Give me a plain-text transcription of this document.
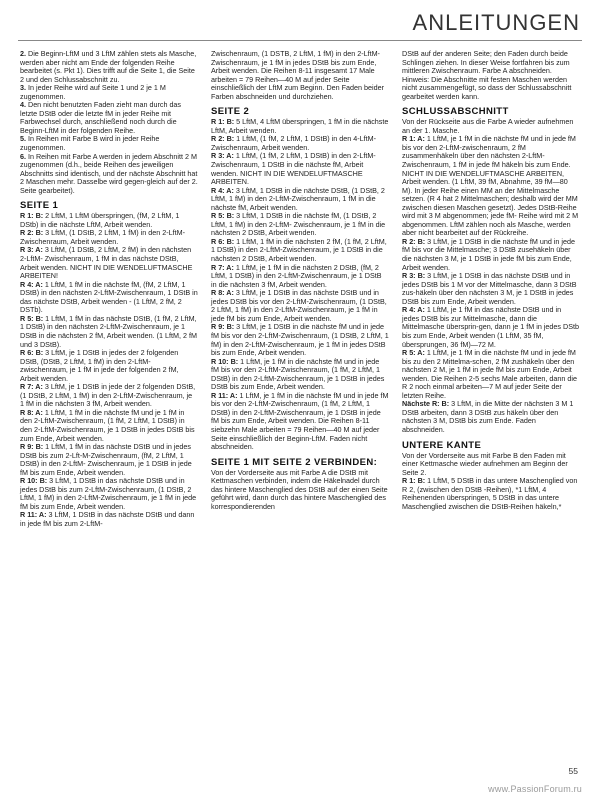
ANLEITUNGEN

2. Die Beginn-LftM und 3 LftM zählen stets als Masche, werden aber nicht am Ende der folgenden Reihe bearbeitet (s. Pkt 1). Dies trifft auf die Seite 1, die Seite 2 und den Schlussabschnitt zu.

3. In jeder Reihe wird auf Seite 1 und 2 je 1 M zugenommen.

4. Den nicht benutzten Faden zieht man durch das letzte DStB oder die letzte fM in jeder Reihe mit Farbwechsel durch, anschließend noch durch die Beginn-LftM in der folgenden Reihe.

5. In Reihen mit Farbe B wird in jeder Reihe zugenommen.

6. In Reihen mit Farbe A werden in jedem Abschnitt 2 M zugenommen (d.h., beide Reihen des jeweiligen Abschnitts sind identisch, und der nächste Abschnitt hat 2 Maschen mehr. Dasselbe wird gegen-gleich auf der 2. Seite gearbeitet).

SEITE 1

R 1: B: 2 LftM, 1 LftM überspringen, (fM, 2 LftM, 1 DStb) in die nächste LftM, Arbeit wenden.

R 2: B: 3 LftM, (1 DStB, 2 LftM, 1 fM) in den 2-LftM- Zwischenraum, Arbeit wenden.

R 3: A: 3 LftM, (1 DStB, 2 LftM, 2 fM) in den nächsten 2-LftM- Zwischenraum, 1 fM in das nächste DStB, Arbeit wenden. NICHT IN DIE WENDELUFTMASCHE ARBEITEN!

R 4: A: 1 LftM, 1 fM in die nächste fM, (fM, 2 LftM, 1 DStB) in den nächsten 2-LftM-Zwischenraum, 1 DStB in das nächste DStB, Arbeit wenden - (1 LftM, 2 fM, 2 DSTb).

R 5: B: 1 LftM, 1 fM in das nächste DStB, (1 fM, 2 LftM, 1 DStB) in den nächsten 2-LftM-Zwischenraum, je 1 DStB in die nächsten 2 fM, Arbeit wenden. (1 LftM, 2 fM und 3 DStB).

R 6: B: 3 LftM, je 1 DStB in jedes der 2 folgenden DStB, (DStB, 2 LftM, 1 fM) in den 2-LftM-zwischenraum, je 1 fM in jede der folgenden 2 fM, Arbeit wenden.

R 7: A: 3 LftM, je 1 DStB in jede der 2 folgenden DStB, (1 DStB, 2 LftM, 1 fM) in den 2-LftM-Zwischenraum, je 1 fM in die nächsten 3 fM, Arbeit wenden.

R 8: A: 1 LftM, 1 fM in die nächste fM und je 1 fM in den 2-LftM-Zwischenraum, (1 fM, 2 LftM, 1 DStB) in den 2-LftM-Zwischenraum, je 1 DStB in jedes DStB bis zum Ende, Arbeit wenden.

R 9: B: 1 LftM, 1 fM in das nächste DStB und in jedes DStB bis zum 2-Lft-M-Zwischenraum, (fM, 2 LftM, 1 DStB) in den 2-LftM- Zwischenraum, je 1 DStB in jede fM bis zum Ende, Arbeit wenden.

R 10: B: 3 LftM, 1 DStB in das nächste DStB und in jedes DStB bis zum 2-LftM-Zwischenraum, (1 DStB, 2 LftM, 1 fM) in den 2-LftM-Zwischenraum, je 1 fM in jede fM bis zum Ende, Arbeit wenden.

R 11: A: 3 LftM, 1 DStB in das nächste DStB und dann in jede fM bis zum 2-LftM-

Zwischenraum, (1 DSTB, 2 LftM, 1 fM) in den 2-LftM-Zwischenraum, je 1 fM in jedes DStB bis zum Ende, Arbeit wenden. Die Reihen 8-11 insgesamt 17 Male arbeiten = 79 Reihen—40 M auf jeder Seite einschließlich der LftM zum Beginn. Den Faden beider Farben abschneiden und durchziehen.

SEITE 2

R 1: B: 5 LftM, 4 LftM überspringen, 1 fM in die nächste LftM, Arbeit wenden.

R 2: B: 1 LftM, (1 fM, 2 LftM, 1 DStB) in den 4-LftM-Zwischenraum, Arbeit wenden.

R 3: A: 1 LftM, (1 fM, 2 LftM, 1 DStB) in den 2-LftM-Zwischenraum, 1 DStB in die nächste fM, Arbeit wenden. NICHT IN DIE WENDELUFTMASCHE ARBEITEN.

R 4: A: 3 LftM, 1 DStB in die nächste DStB, (1 DStB, 2 LftM, 1 fM) in den 2-LftM-Zwischenraum, 1 fM in die nächste fM, Arbeit wenden.

R 5: B: 3 LftM, 1 DStB in die nächste fM, (1 DStB, 2 LftM, 1 fM) in den 2-LftM- Zwischenraum, je 1 fM in die nächsten 2 DStB, Arbeit wenden.

R 6: B: 1 LftM, 1 fM in die nächsten 2 fM, (1 fM, 2 LftM, 1 DStB) in den 2-LftM-Zwischenraum, je 1 DStB in die nächsten 2 DStB, Arbeit wenden.

R 7: A: 1 LftM, je 1 fM in die nächsten 2 DStB, (fM, 2 LftM, 1 DStB) in den 2-LftM-Zwischenraum, je 1 DStB in die nächsten 3 fM, Arbeit wenden.

R 8: A: 3 LftM, je 1 DStB in das nächste DStB und in jedes DStB bis vor den 2-LftM-Zwischenraum, (1 DStB, 2 LftM, 1 fM) in den 2-LftM-Zwischenraum, je 1 fM in jede fM bis zum Ende, Arbeit wenden.

R 9: B: 3 LftM, je 1 DStB in die nächste fM und in jede fM bis vor den 2-LftM-Zwischenraum, (1 DStB, 2 LftM, 1 fM) in den 2-LftM-Zwischenraum, je 1 fM in jedes DStB bis zum Ende, Arbeit wenden.

R 10: B: 1 LftM, je 1 fM in die nächste fM und in jede fM bis vor den 2-LftM-Zwischenraum, (1 fM, 2 LftM, 1 DStB) in den 2-LftM-Zwischenraum, je 1 DStB in jedes DStB bis zum Ende, Arbeit wenden.

R 11: A: 1 LftM, je 1 fM in die nächste fM und in jede fM bis vor den 2-LftM-Zwischenraum, (1 fM, 2 LftM, 1 DStB) in den 2-LftM-Zwischenraum, je 1 DStB in jede fM bis zum Ende, Arbeit wenden. Die Reihen 8-11 siebzehn Male arbeiten = 79 Reihen—40 M auf jeder Seite einschließlich der Beginn-LftM. Faden nicht abschneiden.

SEITE 1 MIT SEITE 2 VERBINDEN:

Von der Vorderseite aus mit Farbe A die DStB mit Kettmaschen verbinden, indem die Häkelnadel durch das hintere Maschenglied des DStB auf der einen Seite geführt wird, dann durch das hintere Maschenglied des korrespondierenden

DStB auf der anderen Seite; den Faden durch beide Schlingen ziehen. In dieser Weise fortfahren bis zum mittleren Zwischenraum. Farbe A abschneiden. Hinweis: Die Abschnitte mit festen Maschen werden nicht zusammengefügt, so dass der Schlussabschnitt gearbeitet werden kann.

SCHLUSSABSCHNITT

Von der Rückseite aus die Farbe A wieder aufnehmen an der 1. Masche.

R 1: A: 1 LftM, je 1 fM in die nächste fM und in jede fM bis vor den 2-LftM-zwischenraum, 2 fM zusammenhäkeln über den nächsten 2-LftM-Zwischenraum, 1 fM in jede fM häkeln bis zum Ende. NICHT IN DIE WENDELUFTMASCHE ARBEITEN, Arbeit wenden. (1 LftM, 39 fM, Abnahme, 39 fM—80 M). In jeder Reihe einen MM an der Mittelmasche setzen. (R 4 hat 2 Mittelmaschen; deshalb wird der MM zwischen diesen Maschen gesetzt). Jedes DStB-Reihe wird mit 3 M abgenommen; jede fM- Reihe wird mit 2 M abgenommen. LftM zählen noch als Masche, werden aber nicht bearbeitet auf der Rückreihe.

R 2: B: 3 LftM, je 1 DStB in die nächste fM und in jede fM bis vor die Mittelmasche; 3 DStB zusehäkeln über die nächsten 3 M, je 1 DStB in jede fM bis zum Ende, Arbeit wenden.

R 3: B: 3 LftM, je 1 DStB in das nächste DStB und in jedes DStB bis 1 M vor der Mittelmasche, dann 3 DStB zus-häkeln über den nächsten 3 M, je 1 DStB in jedes DStB bis zum Ende, Arbeit wenden.

R 4: A: 1 LftM, je 1 fM in das nächste DStB und in jedes DStB bis zur Mittelmasche, dann die Mittelmasche übersprin-gen, dann je 1 fM in jedes DStb bis zum Ende, Arbeit wenden (1 LftM, 35 fM, übersprungen, 36 fM)—72 M.

R 5: A: 1 LftM, je 1 fM in die nächste fM und in jede fM bis zu den 2 Mittelma-schen, 2 fM zushäkeln über den nächsten 2 M, je 1 fM in jede fM bis zum Ende, Arbeit wenden. Die Reihen 2-5 sechs Male arbeiten, dann die R 2 noch einmal arbeiten—7 M auf jeder Seite der letzten Reihe.

Nächste R: B: 3 LftM, in die Mitte der nächsten 3 M 1 DStB arbeiten, dann 3 DStB zus häkeln über den nächsten 3 M, DStB bis zum Ende. Faden abschneiden.

UNTERE KANTE

Von der Vorderseite aus mit Farbe B den Faden mit einer Kettmasche wieder aufnehmen am Beginn der Seite 2.

R 1: B: 1 LftM, 5 DStB in das untere Maschenglied von R 2, (zwischen den DStB -Reihen), *1 LftM, 4 Reihenenden überspringen, 5 DStB in das untere Maschenglied zwischen die DStB-Reihen häkeln,*

55
www.PassionForum.ru
